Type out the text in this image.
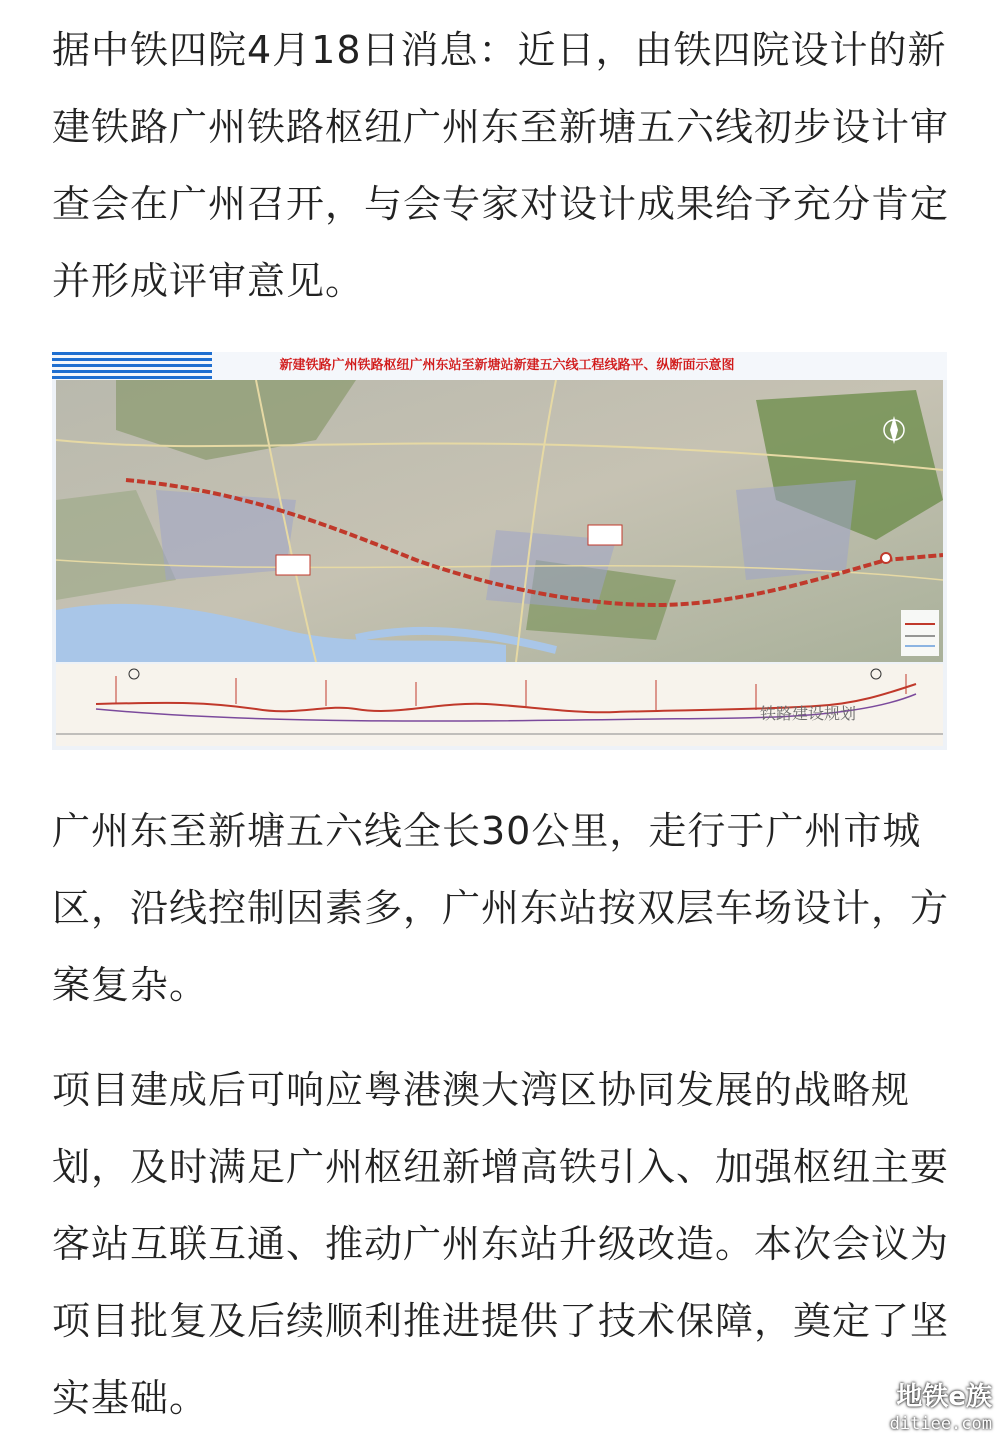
据中铁四院4月18日消息：近日，由铁四院设计的新建铁路广州铁路枢纽广州东至新塘五六线初步设计审查会在广州召开，与会专家对设计成果给予充分肯定并形成评审意见。

新建铁路广州铁路枢纽广州东站至新塘站新建五六线工程线路平、纵断面示意图
铁路建设规划

广州东至新塘五六线全长30公里，走行于广州市城区，沿线控制因素多，广州东站按双层车场设计，方案复杂。

项目建成后可响应粤港澳大湾区协同发展的战略规划，及时满足广州枢纽新增高铁引入、加强枢纽主要客站互联互通、推动广州东站升级改造。本次会议为项目批复及后续顺利推进提供了技术保障，奠定了坚实基础。	地铁e族
ditiee.com
